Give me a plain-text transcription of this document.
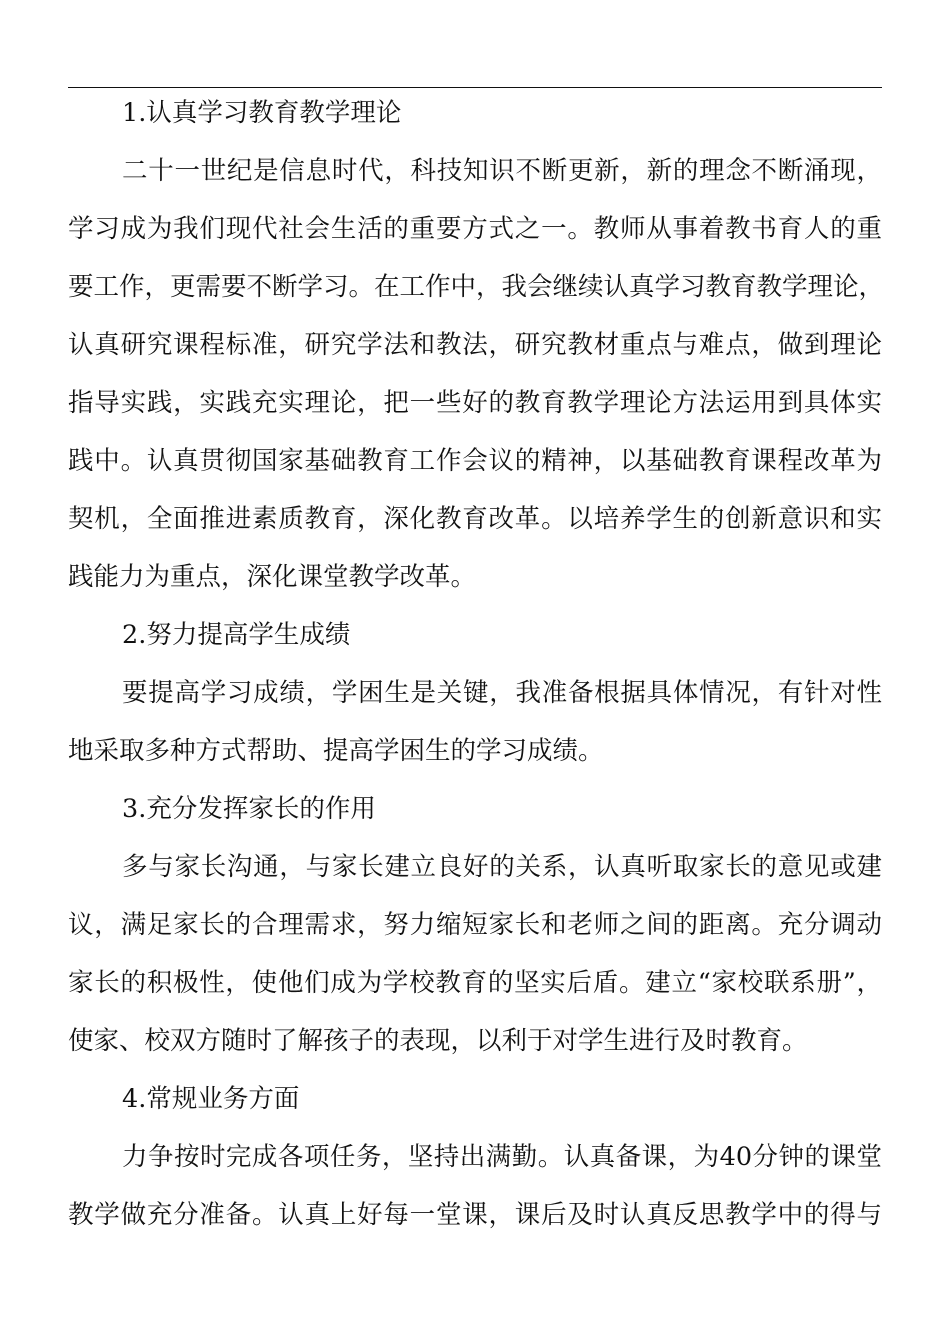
1.认真学习教育教学理论
二十一世纪是信息时代，科技知识不断更新，新的理念不断涌现，
学习成为我们现代社会生活的重要方式之一。教师从事着教书育人的重
要工作，更需要不断学习。在工作中，我会继续认真学习教育教学理论，
认真研究课程标准，研究学法和教法，研究教材重点与难点，做到理论
指导实践，实践充实理论，把一些好的教育教学理论方法运用到具体实
践中。认真贯彻国家基础教育工作会议的精神，以基础教育课程改革为
契机，全面推进素质教育，深化教育改革。以培养学生的创新意识和实
践能力为重点，深化课堂教学改革。
2.努力提高学生成绩
要提高学习成绩，学困生是关键，我准备根据具体情况，有针对性
地采取多种方式帮助、提高学困生的学习成绩。
3.充分发挥家长的作用
多与家长沟通，与家长建立良好的关系，认真听取家长的意见或建
议，满足家长的合理需求，努力缩短家长和老师之间的距离。充分调动
家长的积极性，使他们成为学校教育的坚实后盾。建立“家校联系册”，
使家、校双方随时了解孩子的表现，以利于对学生进行及时教育。
4.常规业务方面
力争按时完成各项任务，坚持出满勤。认真备课，为40分钟的课堂
教学做充分准备。认真上好每一堂课，课后及时认真反思教学中的得与
